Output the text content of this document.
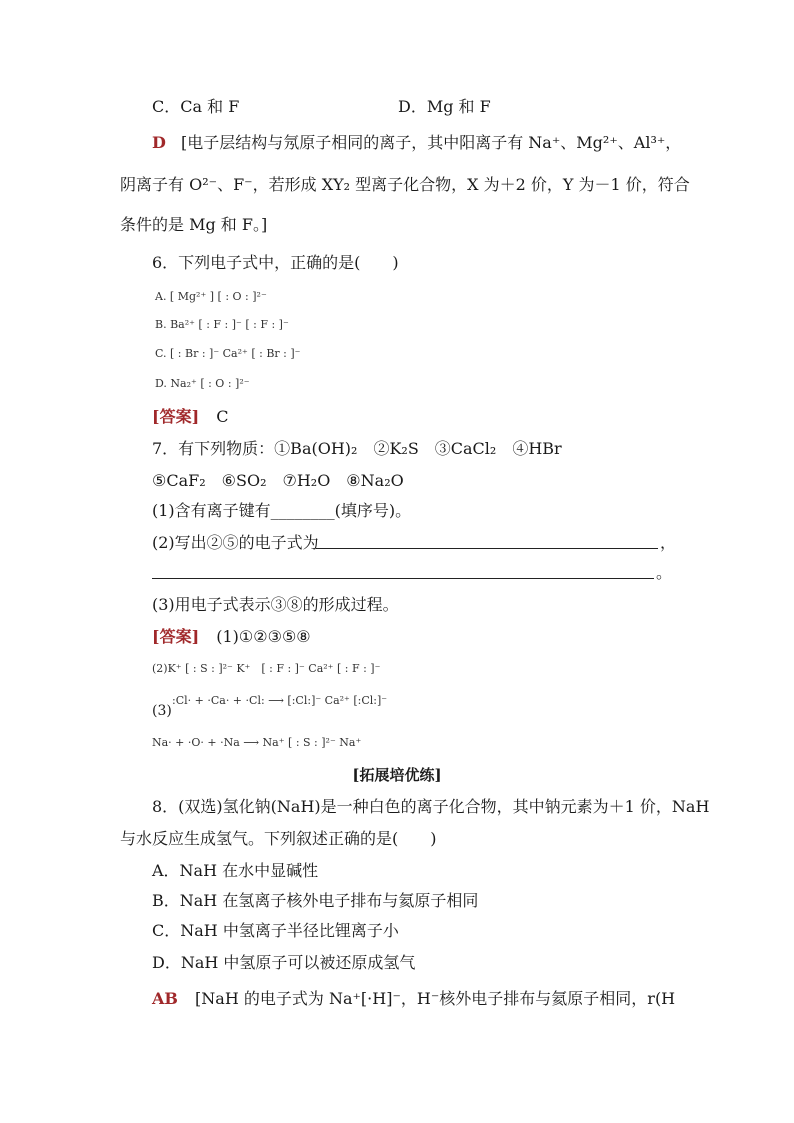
C．Ca 和 F	D．Mg 和 F
D [电子层结构与氖原子相同的离子，其中阳离子有 Na⁺、Mg²⁺、Al³⁺，
阴离子有 O²⁻、F⁻，若形成 XY₂ 型离子化合物，X 为＋2 价，Y 为－1 价，符合
条件的是 Mg 和 F。]
6．下列电子式中，正确的是(　　)
A. [ Mg²⁺ ] [ : O : ]²⁻
B. Ba²⁺ [ : F : ]⁻ [ : F : ]⁻
C. [ : Br : ]⁻ Ca²⁺ [ : Br : ]⁻
D. Na₂⁺ [ : O : ]²⁻
[答案] C
7．有下列物质：①Ba(OH)₂　②K₂S　③CaCl₂　④HBr
⑤CaF₂　⑥SO₂　⑦H₂O　⑧Na₂O
(1)含有离子键有________(填序号)。
(2)写出②⑤的电子式为	，
。
(3)用电子式表示③⑧的形成过程。
[答案] (1)①②③⑤⑧
(2)K⁺ [ : S : ]²⁻ K⁺　[ : F : ]⁻ Ca²⁺ [ : F : ]⁻
(3)
:Cl· + ·Ca· + ·Cl: ⟶ [:Cl:]⁻ Ca²⁺ [:Cl:]⁻
Na· + ·O· + ·Na ⟶ Na⁺ [ : S : ]²⁻ Na⁺
[拓展培优练]
8．(双选)氢化钠(NaH)是一种白色的离子化合物，其中钠元素为＋1 价，NaH
与水反应生成氢气。下列叙述正确的是(　　)
A．NaH 在水中显碱性
B．NaH 在氢离子核外电子排布与氦原子相同
C．NaH 中氢离子半径比锂离子小
D．NaH 中氢原子可以被还原成氢气
AB [NaH 的电子式为 Na⁺[·H]⁻，H⁻核外电子排布与氦原子相同，r(H
